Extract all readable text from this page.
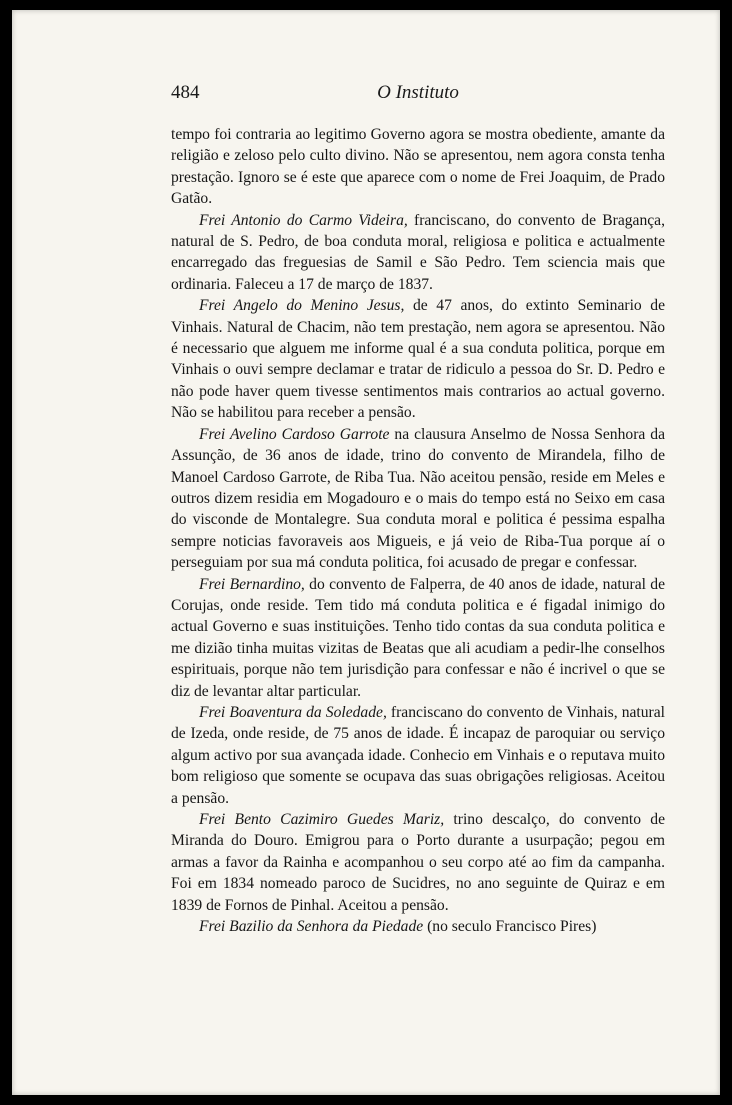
484	O Instituto

tempo foi contraria ao legitimo Governo agora se mostra obediente, amante da religião e zeloso pelo culto divino. Não se apresentou, nem agora consta tenha prestação. Ignoro se é este que aparece com o nome de Frei Joaquim, de Prado Gatão.

Frei Antonio do Carmo Videira, franciscano, do convento de Bragança, natural de S. Pedro, de boa conduta moral, religiosa e politica e actualmente encarregado das freguesias de Samil e São Pedro. Tem sciencia mais que ordinaria. Faleceu a 17 de março de 1837.

Frei Angelo do Menino Jesus, de 47 anos, do extinto Seminario de Vinhais. Natural de Chacim, não tem prestação, nem agora se apresentou. Não é necessario que alguem me informe qual é a sua conduta politica, porque em Vinhais o ouvi sempre declamar e tratar de ridiculo a pessoa do Sr. D. Pedro e não pode haver quem tivesse sentimentos mais contrarios ao actual governo. Não se habilitou para receber a pensão.

Frei Avelino Cardoso Garrote na clausura Anselmo de Nossa Senhora da Assunção, de 36 anos de idade, trino do convento de Mirandela, filho de Manoel Cardoso Garrote, de Riba Tua. Não aceitou pensão, reside em Meles e outros dizem residia em Mogadouro e o mais do tempo está no Seixo em casa do visconde de Montalegre. Sua conduta moral e politica é pessima espalha sempre noticias favoraveis aos Migueis, e já veio de Riba-Tua porque aí o perseguiam por sua má conduta politica, foi acusado de pregar e confessar.

Frei Bernardino, do convento de Falperra, de 40 anos de idade, natural de Corujas, onde reside. Tem tido má conduta politica e é figadal inimigo do actual Governo e suas instituições. Tenho tido contas da sua conduta politica e me dizião tinha muitas vizitas de Beatas que ali acudiam a pedir-lhe conselhos espirituais, porque não tem jurisdição para confessar e não é incrivel o que se diz de levantar altar particular.

Frei Boaventura da Soledade, franciscano do convento de Vinhais, natural de Izeda, onde reside, de 75 anos de idade. É incapaz de paroquiar ou serviço algum activo por sua avançada idade. Conhecio em Vinhais e o reputava muito bom religioso que somente se ocupava das suas obrigações religiosas. Aceitou a pensão.

Frei Bento Cazimiro Guedes Mariz, trino descalço, do convento de Miranda do Douro. Emigrou para o Porto durante a usurpação; pegou em armas a favor da Rainha e acompanhou o seu corpo até ao fim da campanha. Foi em 1834 nomeado paroco de Sucidres, no ano seguinte de Quiraz e em 1839 de Fornos de Pinhal. Aceitou a pensão.

Frei Bazilio da Senhora da Piedade (no seculo Francisco Pires)
